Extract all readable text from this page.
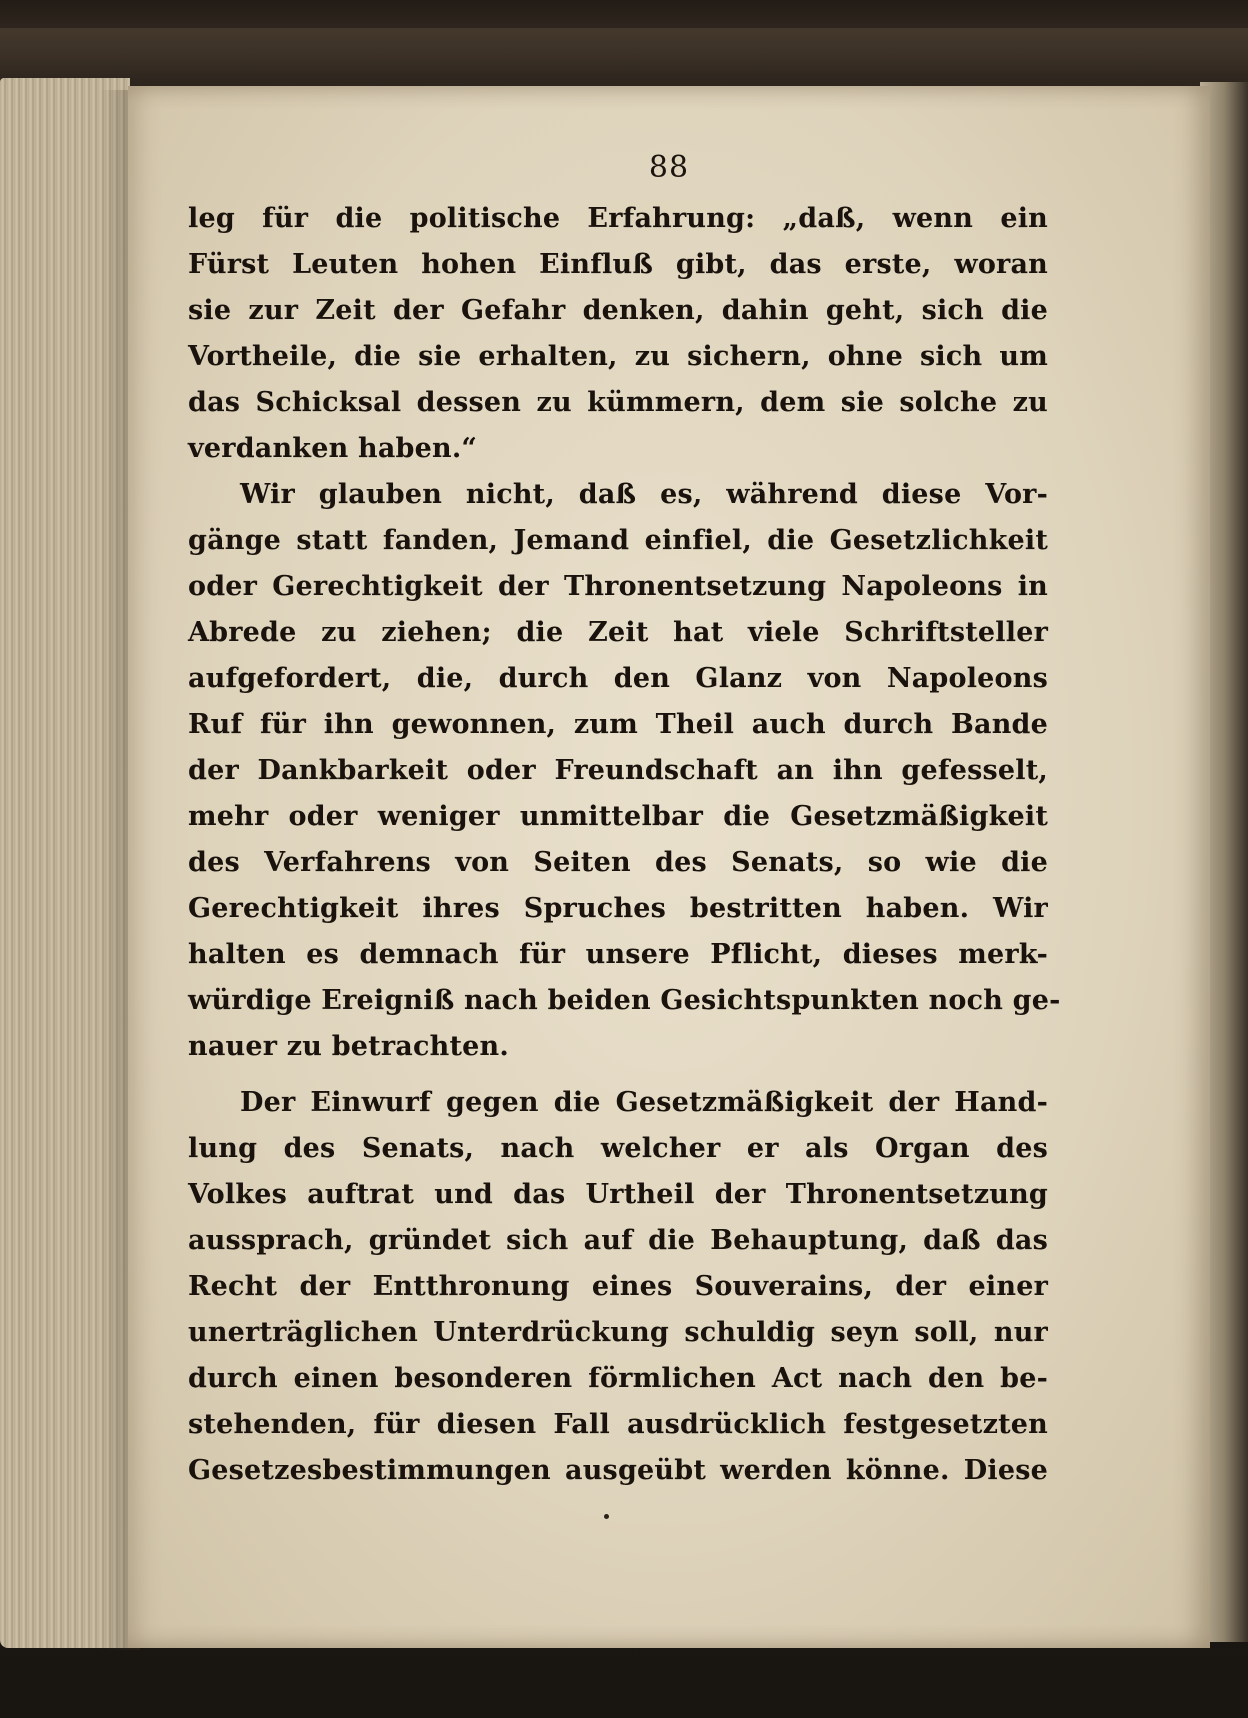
88
leg für die politische Erfahrung: „daß, wenn ein
Fürst Leuten hohen Einfluß gibt, das erste, woran
sie zur Zeit der Gefahr denken, dahin geht, sich die
Vortheile, die sie erhalten, zu sichern, ohne sich um
das Schicksal dessen zu kümmern, dem sie solche zu
verdanken haben.“
Wir glauben nicht, daß es, während diese Vor-
gänge statt fanden, Jemand einfiel, die Gesetzlichkeit
oder Gerechtigkeit der Thronentsetzung Napoleons in
Abrede zu ziehen; die Zeit hat viele Schriftsteller
aufgefordert, die, durch den Glanz von Napoleons
Ruf für ihn gewonnen, zum Theil auch durch Bande
der Dankbarkeit oder Freundschaft an ihn gefesselt,
mehr oder weniger unmittelbar die Gesetzmäßigkeit
des Verfahrens von Seiten des Senats, so wie die
Gerechtigkeit ihres Spruches bestritten haben. Wir
halten es demnach für unsere Pflicht, dieses merk-
würdige Ereigniß nach beiden Gesichtspunkten noch ge-
nauer zu betrachten.
Der Einwurf gegen die Gesetzmäßigkeit der Hand-
lung des Senats, nach welcher er als Organ des
Volkes auftrat und das Urtheil der Thronentsetzung
aussprach, gründet sich auf die Behauptung, daß das
Recht der Entthronung eines Souverains, der einer
unerträglichen Unterdrückung schuldig seyn soll, nur
durch einen besonderen förmlichen Act nach den be-
stehenden, für diesen Fall ausdrücklich festgesetzten
Gesetzesbestimmungen ausgeübt werden könne. Diese
